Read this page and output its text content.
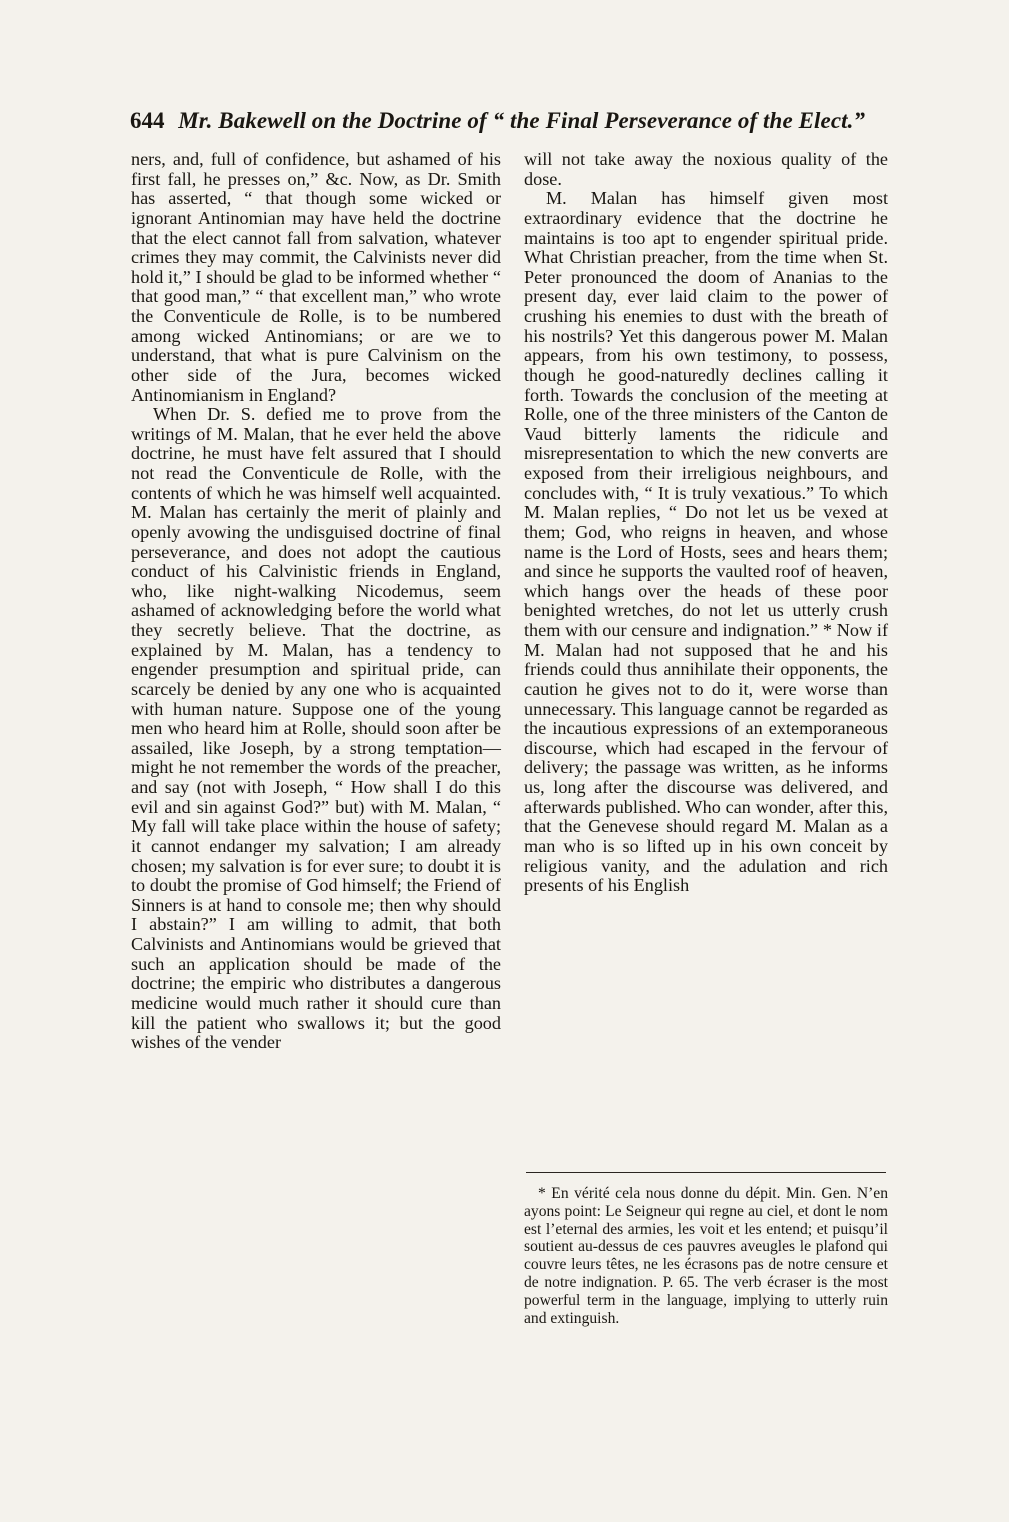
644 Mr. Bakewell on the Doctrine of “ the Final Perseverance of the Elect.”

ners, and, full of confidence, but ashamed of his first fall, he presses on,” &c. Now, as Dr. Smith has asserted, “ that though some wicked or ignorant Antinomian may have held the doctrine that the elect cannot fall from salvation, whatever crimes they may commit, the Calvinists never did hold it,” I should be glad to be informed whether “ that good man,” “ that excellent man,” who wrote the Conventicule de Rolle, is to be numbered among wicked Antinomians; or are we to understand, that what is pure Calvinism on the other side of the Jura, becomes wicked Antinomianism in England?

When Dr. S. defied me to prove from the writings of M. Malan, that he ever held the above doctrine, he must have felt assured that I should not read the Conventicule de Rolle, with the contents of which he was himself well acquainted. M. Malan has certainly the merit of plainly and openly avowing the undisguised doctrine of final perseverance, and does not adopt the cautious conduct of his Calvinistic friends in England, who, like night-walking Nicodemus, seem ashamed of acknowledging before the world what they secretly believe. That the doctrine, as explained by M. Malan, has a tendency to engender presumption and spiritual pride, can scarcely be denied by any one who is acquainted with human nature. Suppose one of the young men who heard him at Rolle, should soon after be assailed, like Joseph, by a strong temptation—might he not remember the words of the preacher, and say (not with Joseph, “ How shall I do this evil and sin against God?” but) with M. Malan, “ My fall will take place within the house of safety; it cannot endanger my salvation; I am already chosen; my salvation is for ever sure; to doubt it is to doubt the promise of God himself; the Friend of Sinners is at hand to console me; then why should I abstain?” I am willing to admit, that both Calvinists and Antinomians would be grieved that such an application should be made of the doctrine; the empiric who distributes a dangerous medicine would much rather it should cure than kill the patient who swallows it; but the good wishes of the vender

will not take away the noxious quality of the dose.

M. Malan has himself given most extraordinary evidence that the doctrine he maintains is too apt to engender spiritual pride. What Christian preacher, from the time when St. Peter pronounced the doom of Ananias to the present day, ever laid claim to the power of crushing his enemies to dust with the breath of his nostrils? Yet this dangerous power M. Malan appears, from his own testimony, to possess, though he good-naturedly declines calling it forth. Towards the conclusion of the meeting at Rolle, one of the three ministers of the Canton de Vaud bitterly laments the ridicule and misrepresentation to which the new converts are exposed from their irreligious neighbours, and concludes with, “ It is truly vexatious.” To which M. Malan replies, “ Do not let us be vexed at them; God, who reigns in heaven, and whose name is the Lord of Hosts, sees and hears them; and since he supports the vaulted roof of heaven, which hangs over the heads of these poor benighted wretches, do not let us utterly crush them with our censure and indignation.” * Now if M. Malan had not supposed that he and his friends could thus annihilate their opponents, the caution he gives not to do it, were worse than unnecessary. This language cannot be regarded as the incautious expressions of an extemporaneous discourse, which had escaped in the fervour of delivery; the passage was written, as he informs us, long after the discourse was delivered, and afterwards published. Who can wonder, after this, that the Genevese should regard M. Malan as a man who is so lifted up in his own conceit by religious vanity, and the adulation and rich presents of his English

* En vérité cela nous donne du dépit. Min. Gen. N’en ayons point: Le Seigneur qui regne au ciel, et dont le nom est l’eternal des armies, les voit et les entend; et puisqu’il soutient au-dessus de ces pauvres aveugles le plafond qui couvre leurs têtes, ne les écrasons pas de notre censure et de notre indignation. P. 65. The verb écraser is the most powerful term in the language, implying to utterly ruin and extinguish.
